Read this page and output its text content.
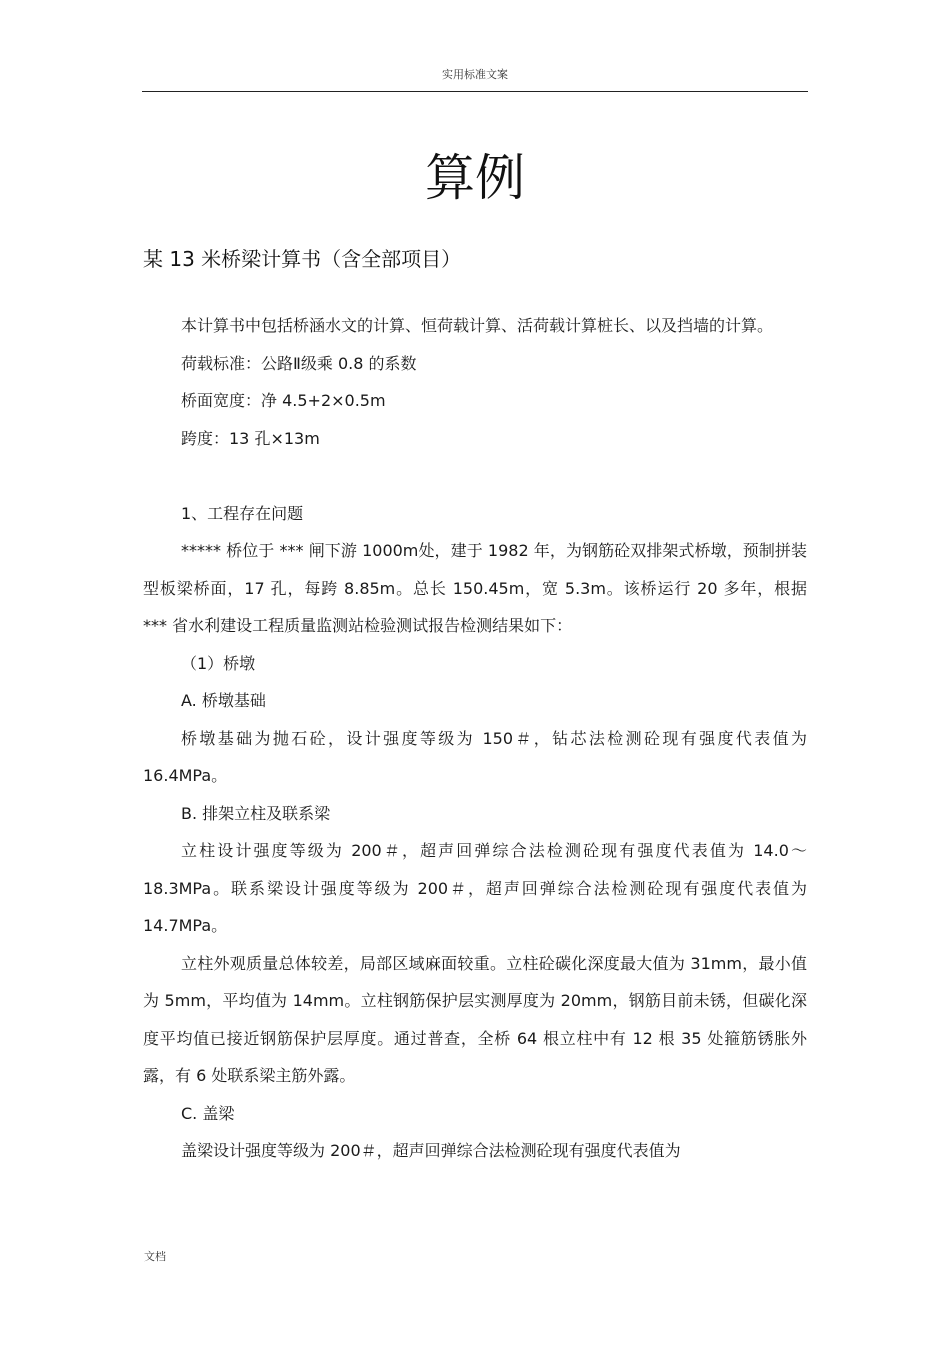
实用标准文案
算例
某 13 米桥梁计算书（含全部项目）

本计算书中包括桥涵水文的计算、恒荷载计算、活荷载计算桩长、以及挡墙的计算。

荷载标准：公路Ⅱ级乘 0.8 的系数

桥面宽度：净 4.5+2×0.5m

跨度：13 孔×13m

1、工程存在问题

***** 桥位于 *** 闸下游 1000m处，建于 1982 年，为钢筋砼双排架式桥墩，预制拼装型板梁桥面，17 孔，每跨 8.85m。总长 150.45m，宽 5.3m。该桥运行 20 多年，根据 *** 省水利建设工程质量监测站检验测试报告检测结果如下：

（1）桥墩

A. 桥墩基础

桥墩基础为抛石砼，设计强度等级为 150＃，钻芯法检测砼现有强度代表值为 16.4MPa。

B. 排架立柱及联系梁

立柱设计强度等级为 200＃，超声回弹综合法检测砼现有强度代表值为 14.0～18.3MPa。联系梁设计强度等级为 200＃，超声回弹综合法检测砼现有强度代表值为 14.7MPa。

立柱外观质量总体较差，局部区域麻面较重。立柱砼碳化深度最大值为 31mm，最小值为 5mm，平均值为 14mm。立柱钢筋保护层实测厚度为 20mm，钢筋目前未锈，但碳化深度平均值已接近钢筋保护层厚度。通过普查，全桥 64 根立柱中有 12 根 35 处箍筋锈胀外露，有 6 处联系梁主筋外露。

C. 盖梁

盖梁设计强度等级为 200＃，超声回弹综合法检测砼现有强度代表值为

文档
